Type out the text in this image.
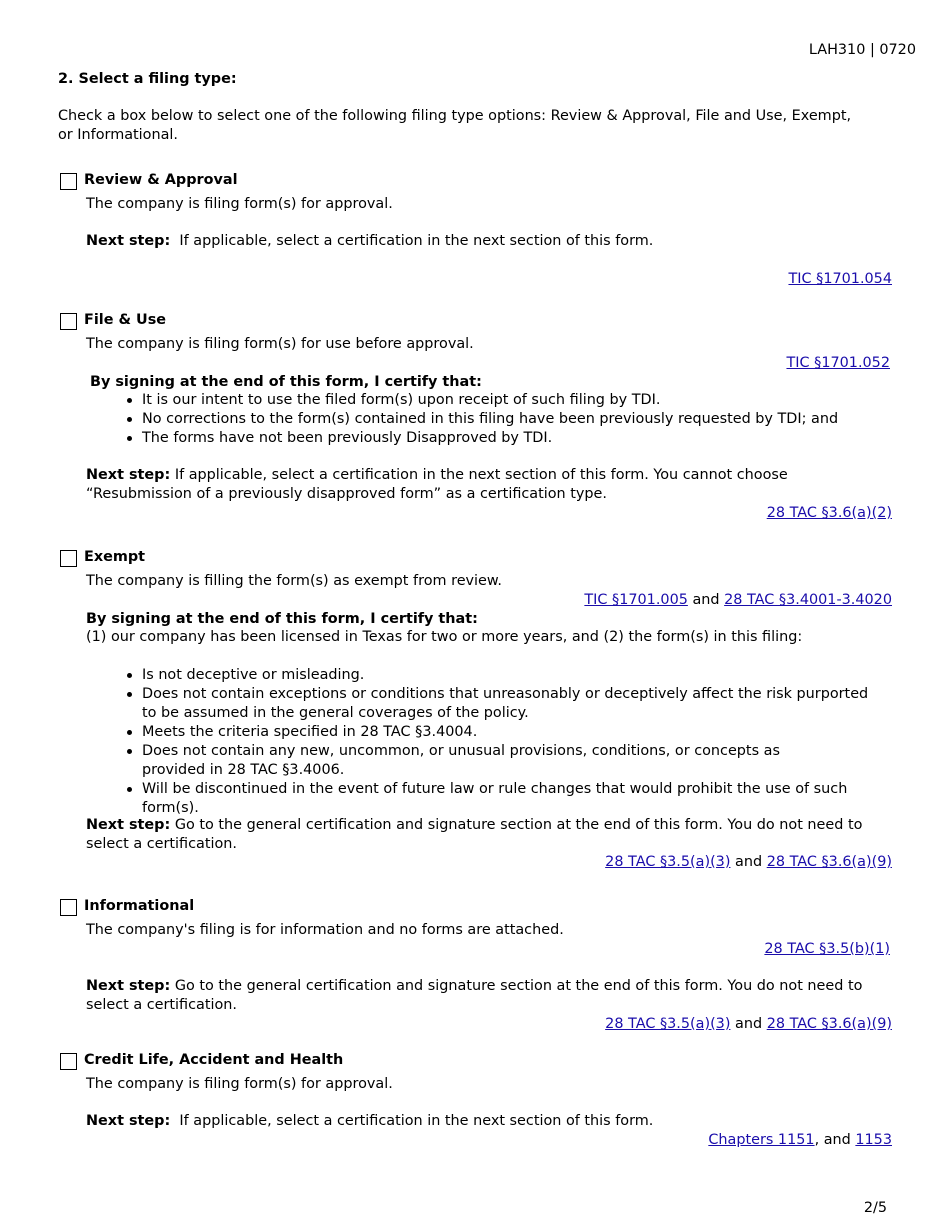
LAH310 | 0720
2. Select a filing type:
Check a box below to select one of the following filing type options: Review & Approval, File and Use, Exempt, or Informational.
Review & Approval
The company is filing form(s) for approval.
Next step: If applicable, select a certification in the next section of this form.
TIC §1701.054
File & Use
The company is filing form(s) for use before approval.
TIC §1701.052
By signing at the end of this form, I certify that:
It is our intent to use the filed form(s) upon receipt of such filing by TDI.
No corrections to the form(s) contained in this filing have been previously requested by TDI; and
The forms have not been previously Disapproved by TDI.
Next step: If applicable, select a certification in the next section of this form. You cannot choose “Resubmission of a previously disapproved form” as a certification type.
28 TAC §3.6(a)(2)
Exempt
The company is filling the form(s) as exempt from review.
TIC §1701.005 and 28 TAC §3.4001-3.4020
By signing at the end of this form, I certify that:
(1) our company has been licensed in Texas for two or more years, and (2) the form(s) in this filing:
Is not deceptive or misleading.
Does not contain exceptions or conditions that unreasonably or deceptively affect the risk purported to be assumed in the general coverages of the policy.
Meets the criteria specified in 28 TAC §3.4004.
Does not contain any new, uncommon, or unusual provisions, conditions, or concepts as provided in 28 TAC §3.4006.
Will be discontinued in the event of future law or rule changes that would prohibit the use of such form(s).
Next step: Go to the general certification and signature section at the end of this form. You do not need to select a certification.
28 TAC §3.5(a)(3) and 28 TAC §3.6(a)(9)
Informational
The company's filing is for information and no forms are attached.
28 TAC §3.5(b)(1)
Next step: Go to the general certification and signature section at the end of this form. You do not need to select a certification.
28 TAC §3.5(a)(3) and 28 TAC §3.6(a)(9)
Credit Life, Accident and Health
The company is filing form(s) for approval.
Next step: If applicable, select a certification in the next section of this form.
Chapters 1151, and 1153
2/5
